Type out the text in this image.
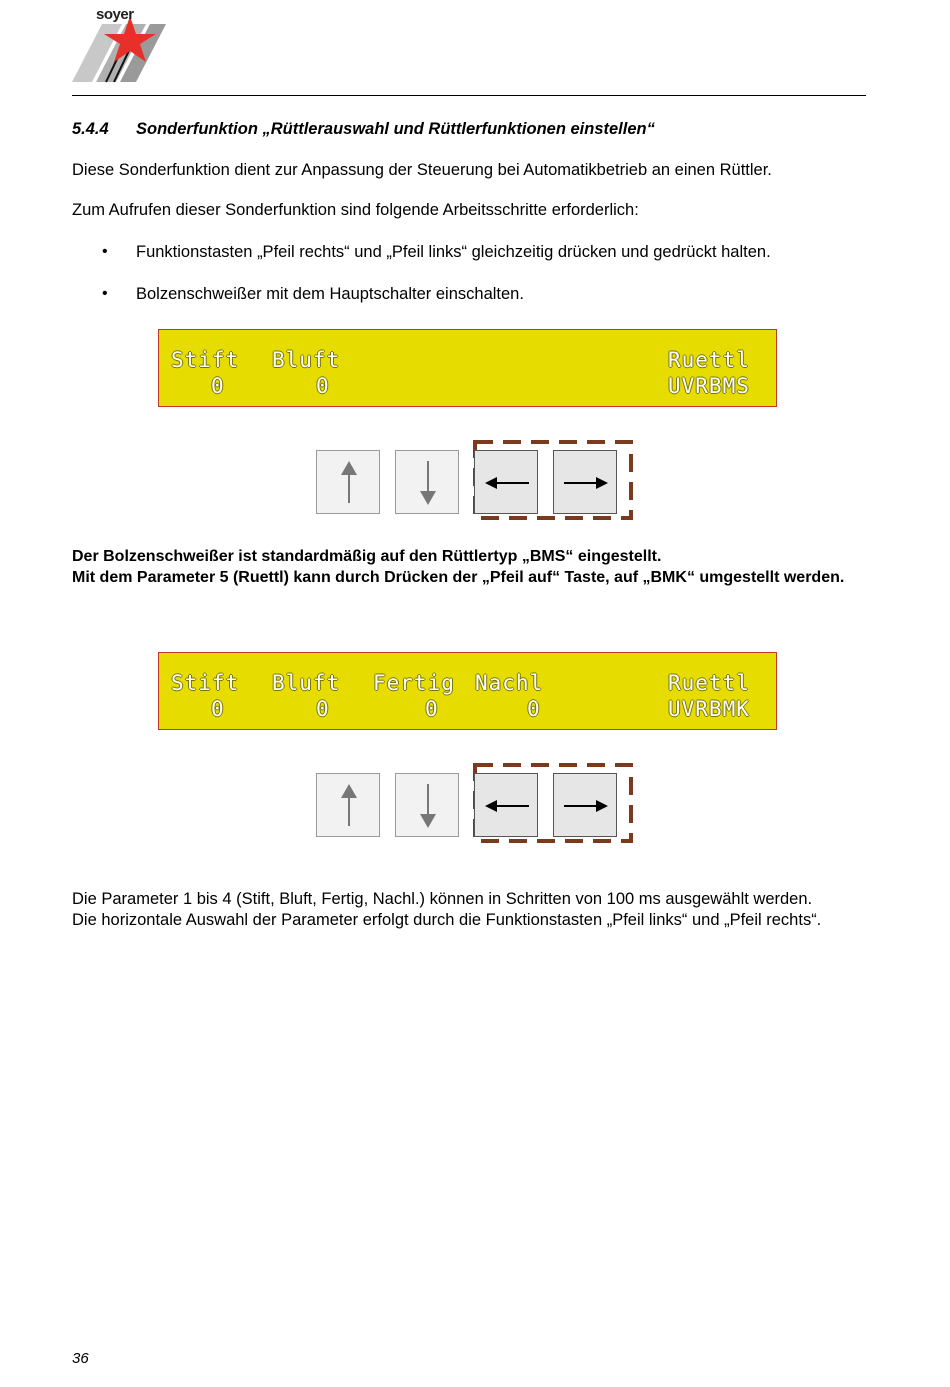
soyer
5.4.4 Sonderfunktion „Rüttlerauswahl und Rüttlerfunktionen einstellen“
Diese Sonderfunktion dient zur Anpassung der Steuerung bei Automatikbetrieb an einen Rüttler.
Zum Aufrufen dieser Sonderfunktion sind folgende Arbeitsschritte erforderlich:
• Funktionstasten „Pfeil rechts“ und „Pfeil links“ gleichzeitig drücken und gedrückt halten.
• Bolzenschweißer mit dem Hauptschalter einschalten.
Stift
0
Bluft
0
Ruettl
UVRBMS
Der Bolzenschweißer ist standardmäßig auf den Rüttlertyp „BMS“ eingestellt.
Mit dem Parameter 5 (Ruettl) kann durch Drücken der „Pfeil auf“ Taste, auf „BMK“ umgestellt werden.
Stift
0
Bluft
0
Fertig
0
Nachl
0
Ruettl
UVRBMK
Die Parameter 1 bis 4 (Stift, Bluft, Fertig, Nachl.) können in Schritten von 100 ms ausgewählt werden.
Die horizontale Auswahl der Parameter erfolgt durch die Funktionstasten „Pfeil links“ und „Pfeil rechts“.
36
